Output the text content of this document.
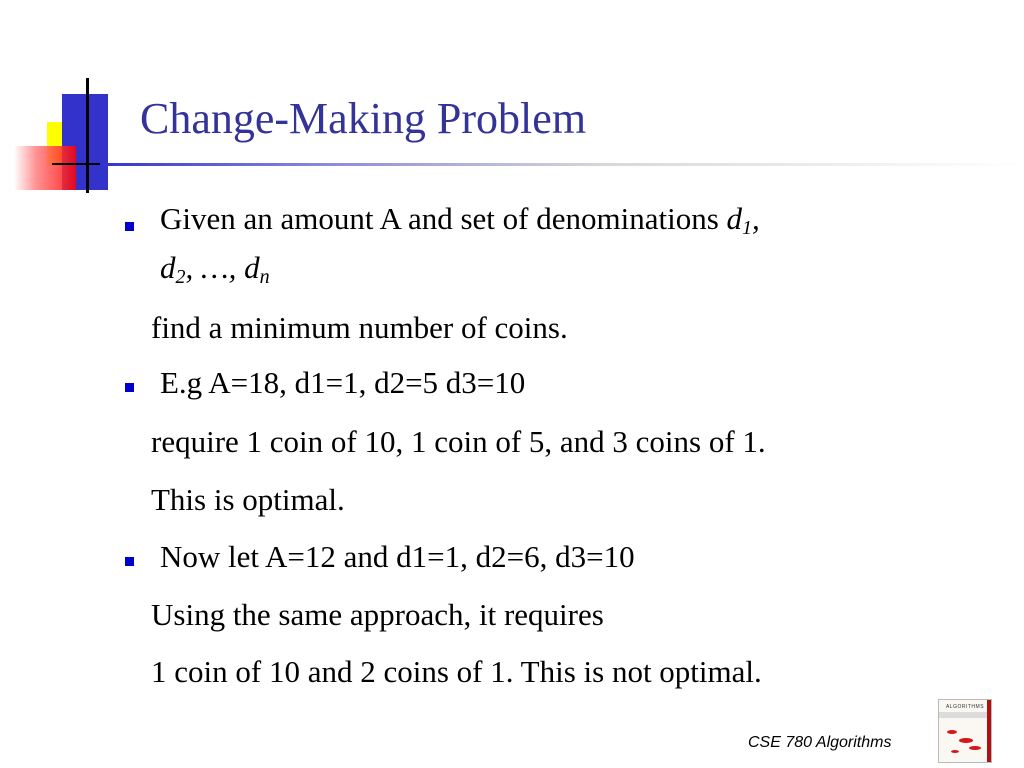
Change-Making Problem
Given an amount A and set of denominations $d_1$,
$d_2$, …, $d_n$
find a minimum number of coins.
E.g A=18, d1=1, d2=5 d3=10
require 1 coin of 10, 1 coin of 5, and 3 coins of 1.
This is optimal.
Now let A=12 and d1=1, d2=6, d3=10
Using the same approach, it requires
1 coin of 10 and 2 coins of 1. This is not optimal.
CSE 780 Algorithms
ALGORITHMS
